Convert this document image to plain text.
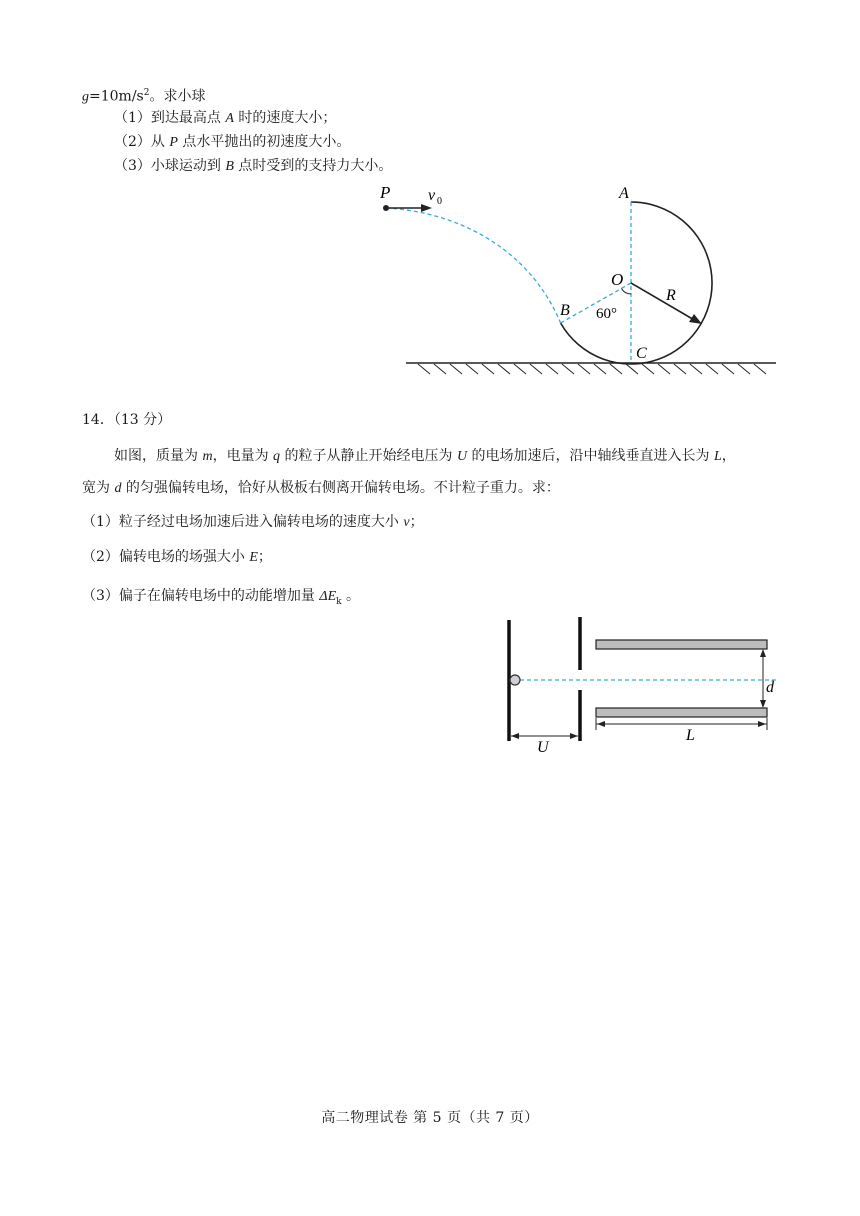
$g=10m/s^2$。求小球
（1）到达最高点 A 时的速度大小；
（2）从 P 点水平抛出的初速度大小。
（3）小球运动到 B 点时受到的支持力大小。
P v 0	A
O
R
B 60°
C
14．（13 分）
如图，质量为 m，电量为 q 的粒子从静止开始经电压为 U 的电场加速后，沿中轴线垂直进入长为 L，
宽为 d 的匀强偏转电场，恰好从极板右侧离开偏转电场。不计粒子重力。求：
（1）粒子经过电场加速后进入偏转电场的速度大小 v；
（2）偏转电场的场强大小 E；
（3）偏子在偏转电场中的动能增加量 $\Delta E_k$ 。
d
U
L
高二物理试卷 第 5 页（共 7 页）
